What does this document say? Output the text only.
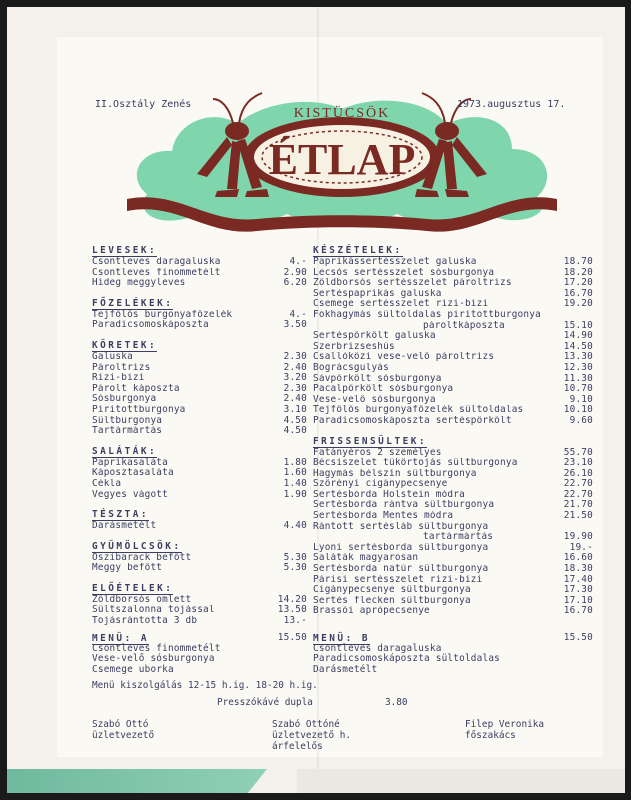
KISTÜCSÖK
ÉTLAP
BALATONSZEMES
II.Osztály Zenés	1973.augusztus 17.
LEVESEK:
Csontleves daragaluska	4.-
Csontleves finommetélt	2.90
Hideg meggyleves	6.20
FŐZELÉKEK:
Tejfölös burgonyafőzelék	4.-
Paradicsomoskáposzta	3.50
KÖRETEK:
Galuska	2.30
Pároltrizs	2.40
Rizi-bizi	3.20
Párolt káposzta	2.30
Sósburgonya	2.40
Piritottburgonya	3.10
Sültburgonya	4.50
Tartármártás	4.50
SALÁTÁK:
Paprikasaláta	1.80
Káposztasaláta	1.60
Cékla	1.40
Vegyes vágott	1.90
TÉSZTA:
Darásmetélt	4.40
GYÜMÖLCSÖK:
Őszibarack befőtt	5.30
Meggy befőtt	5.30
ELŐÉTELEK:
Zöldborsós omlett	14.20
Sültszalonna tojással	13.50
Tojásrántotta 3 db	13.-
KÉSZÉTELEK:
Paprikássertésszelet galuska	18.70
Lecsós sertésszelet sósburgonya	18.20
Zöldborsós sertésszelet pároltrizs	17.20
Sertéspaprikás galuska	16.70
Csemege sertésszelet rizi-bizi	19.20
Fokhagymás sültoldalas pirítottburgonya
pároltkáposzta	15.10
Sertéspörkölt galuska	14.90
Szerbrizseshús	14.50
Csallóközi vese-velő pároltrizs	13.30
Bográcsgulyás	12.30
Sávpörkölt sósburgonya	11.30
Pacalpörkölt sósburgonya	10.70
Vese-velő sósburgonya	9.10
Tejfölös burgonyafőzelék sültoldalas	10.10
Paradicsomoskáposzta sertéspörkölt	9.60
FRISSENSÜLTEK:
Fatányéros 2 személyes	55.70
Bécsiszelet tükörtojás sültburgonya	23.10
Hagymás bélszín sültburgonya	26.10
Szörényi cigánypecsenye	22.70
Sertésborda Holstein módra	22.70
Sertésborda rántva sültburgonya	21.70
Sertésborda Mentes módra	21.50
Rántott sertésláb sültburgonya
tartármártás	19.90
Lyoni sertésborda sültburgonya	19.-
Saláták magyarosan	16.60
Sertésborda natúr sültburgonya	18.30
Párisi sertésszelet rizi-bizi	17.40
Cigánypecsenye sültburgonya	17.30
Sertés flecken sültburgonya	17.10
Brassói aprópecsenye	16.70
MENÜ: A	15.50
Csontleves finommetélt
Vese-velő sósburgonya
Csemege uborka
MENÜ: B	15.50
Csontleves daragaluska
Paradicsomoskáposzta sültoldalas
Darásmetélt
Menü kiszolgálás 12-15 h.ig. 18-20 h.ig.
Presszókávé dupla	3.80
Szabó Ottó
üzletvezető
Szabó Ottóné
üzletvezető h.
árfelelős
Filep Veronika
főszakács
